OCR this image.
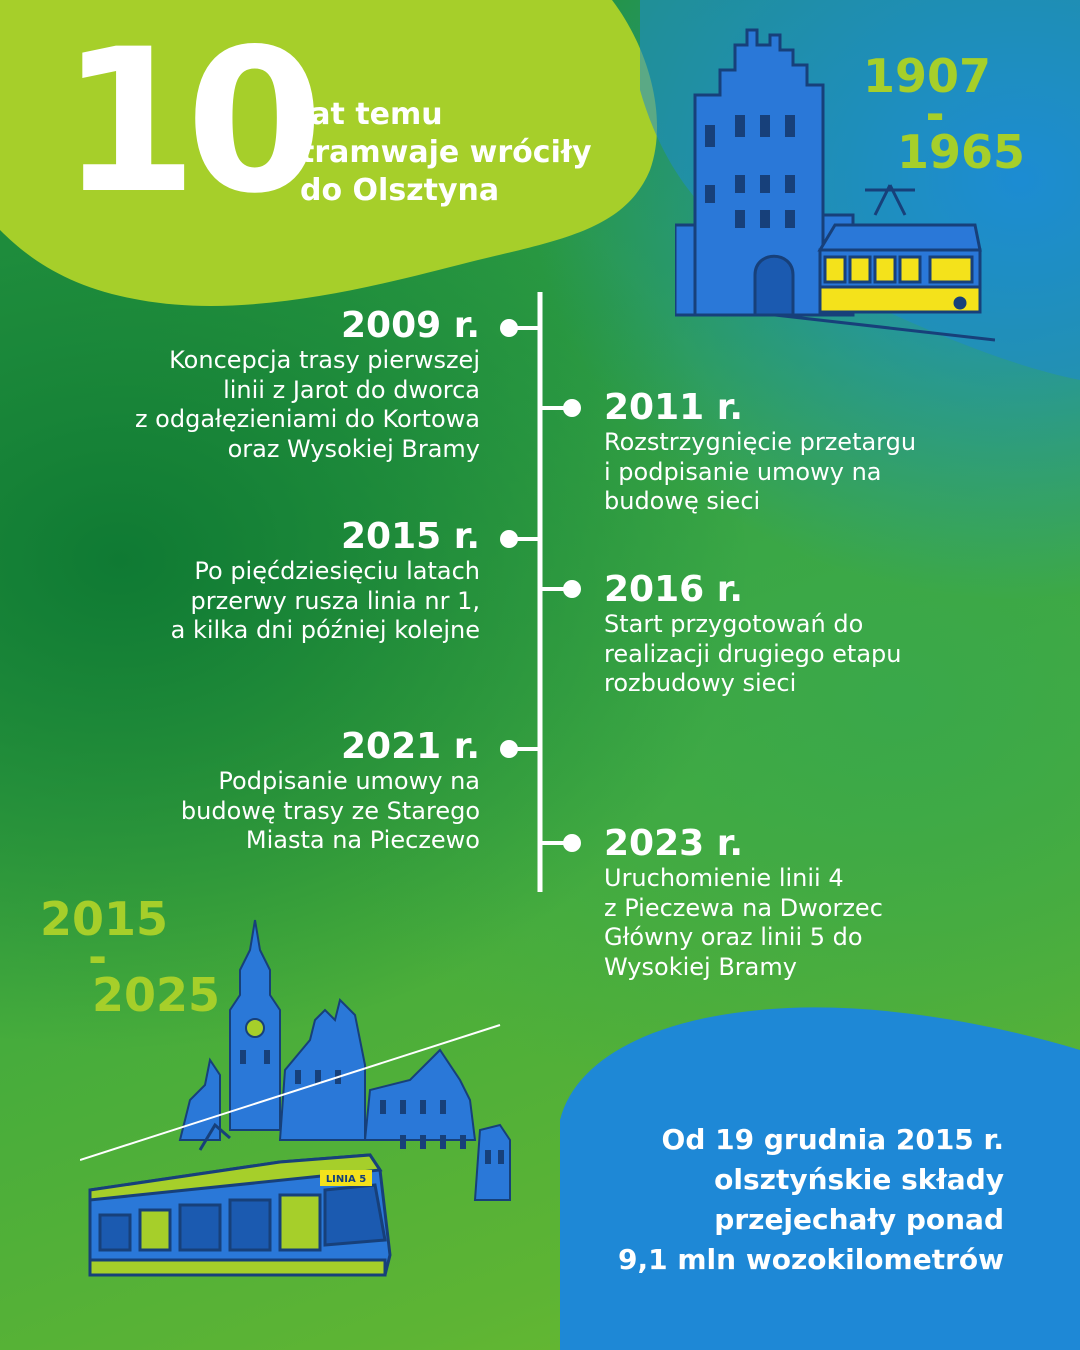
10
lat temu
tramwaje wróciły
do Olsztyna
1907
-
1965
2009 r.
Koncepcja trasy pierwszej
linii z Jarot do dworca
z odgałęzieniami do Kortowa
oraz Wysokiej Bramy
2011 r.
Rozstrzygnięcie przetargu
i podpisanie umowy na
budowę sieci
2015 r.
Po pięćdziesięciu latach
przerwy rusza linia nr 1,
a kilka dni później kolejne
2016 r.
Start przygotowań do
realizacji drugiego etapu
rozbudowy sieci
2021 r.
Podpisanie umowy na
budowę trasy ze Starego
Miasta na Pieczewo	2023 r.
Uruchomienie linii 4
z Pieczewa na Dworzec
Główny oraz linii 5 do
Wysokiej Bramy
2015
-
2025
LINIA 5
Od 19 grudnia 2015 r.
olsztyńskie składy
przejechały ponad
9,1 mln wozokilometrów
